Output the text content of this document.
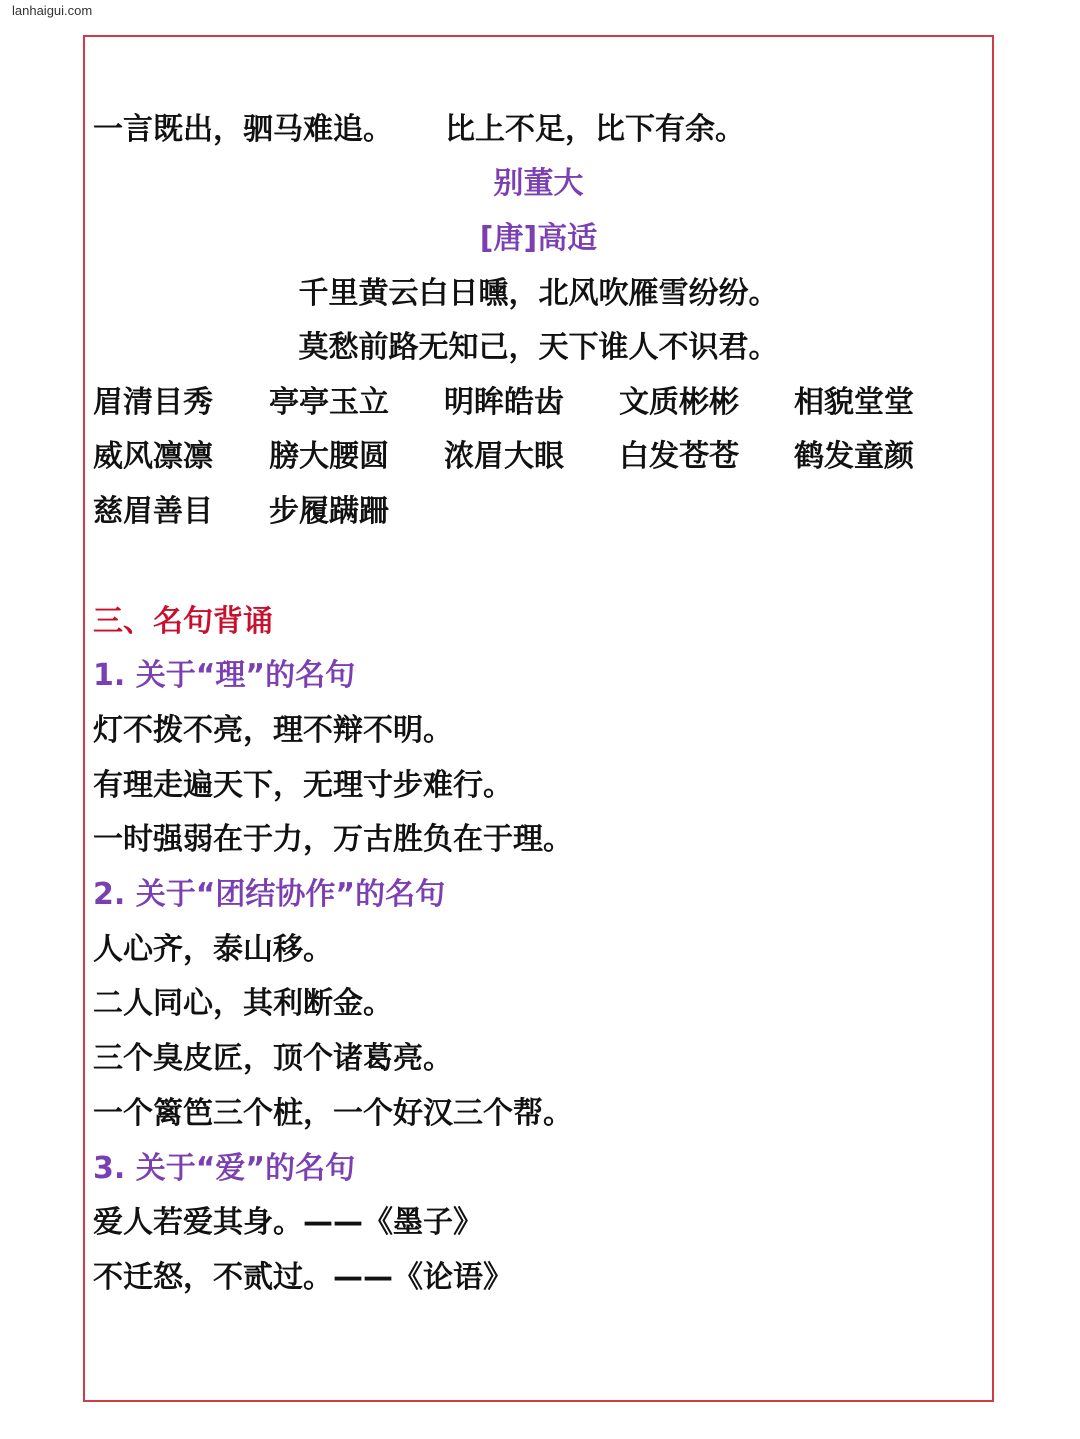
lanhaigui.com
一言既出，驷马难追。 比上不足，比下有余。
别董大
[唐]高适
千里黄云白日曛，北风吹雁雪纷纷。
莫愁前路无知己，天下谁人不识君。
眉清目秀 亭亭玉立 明眸皓齿 文质彬彬 相貌堂堂
威风凛凛 膀大腰圆 浓眉大眼 白发苍苍 鹤发童颜
慈眉善目 步履蹒跚
三、名句背诵
1. 关于“理”的名句
灯不拨不亮，理不辩不明。
有理走遍天下，无理寸步难行。
一时强弱在于力，万古胜负在于理。
2. 关于“团结协作”的名句
人心齐，泰山移。
二人同心，其利断金。
三个臭皮匠，顶个诸葛亮。
一个篱笆三个桩，一个好汉三个帮。
3. 关于“爱”的名句
爱人若爱其身。——《墨子》
不迁怒，不贰过。——《论语》
